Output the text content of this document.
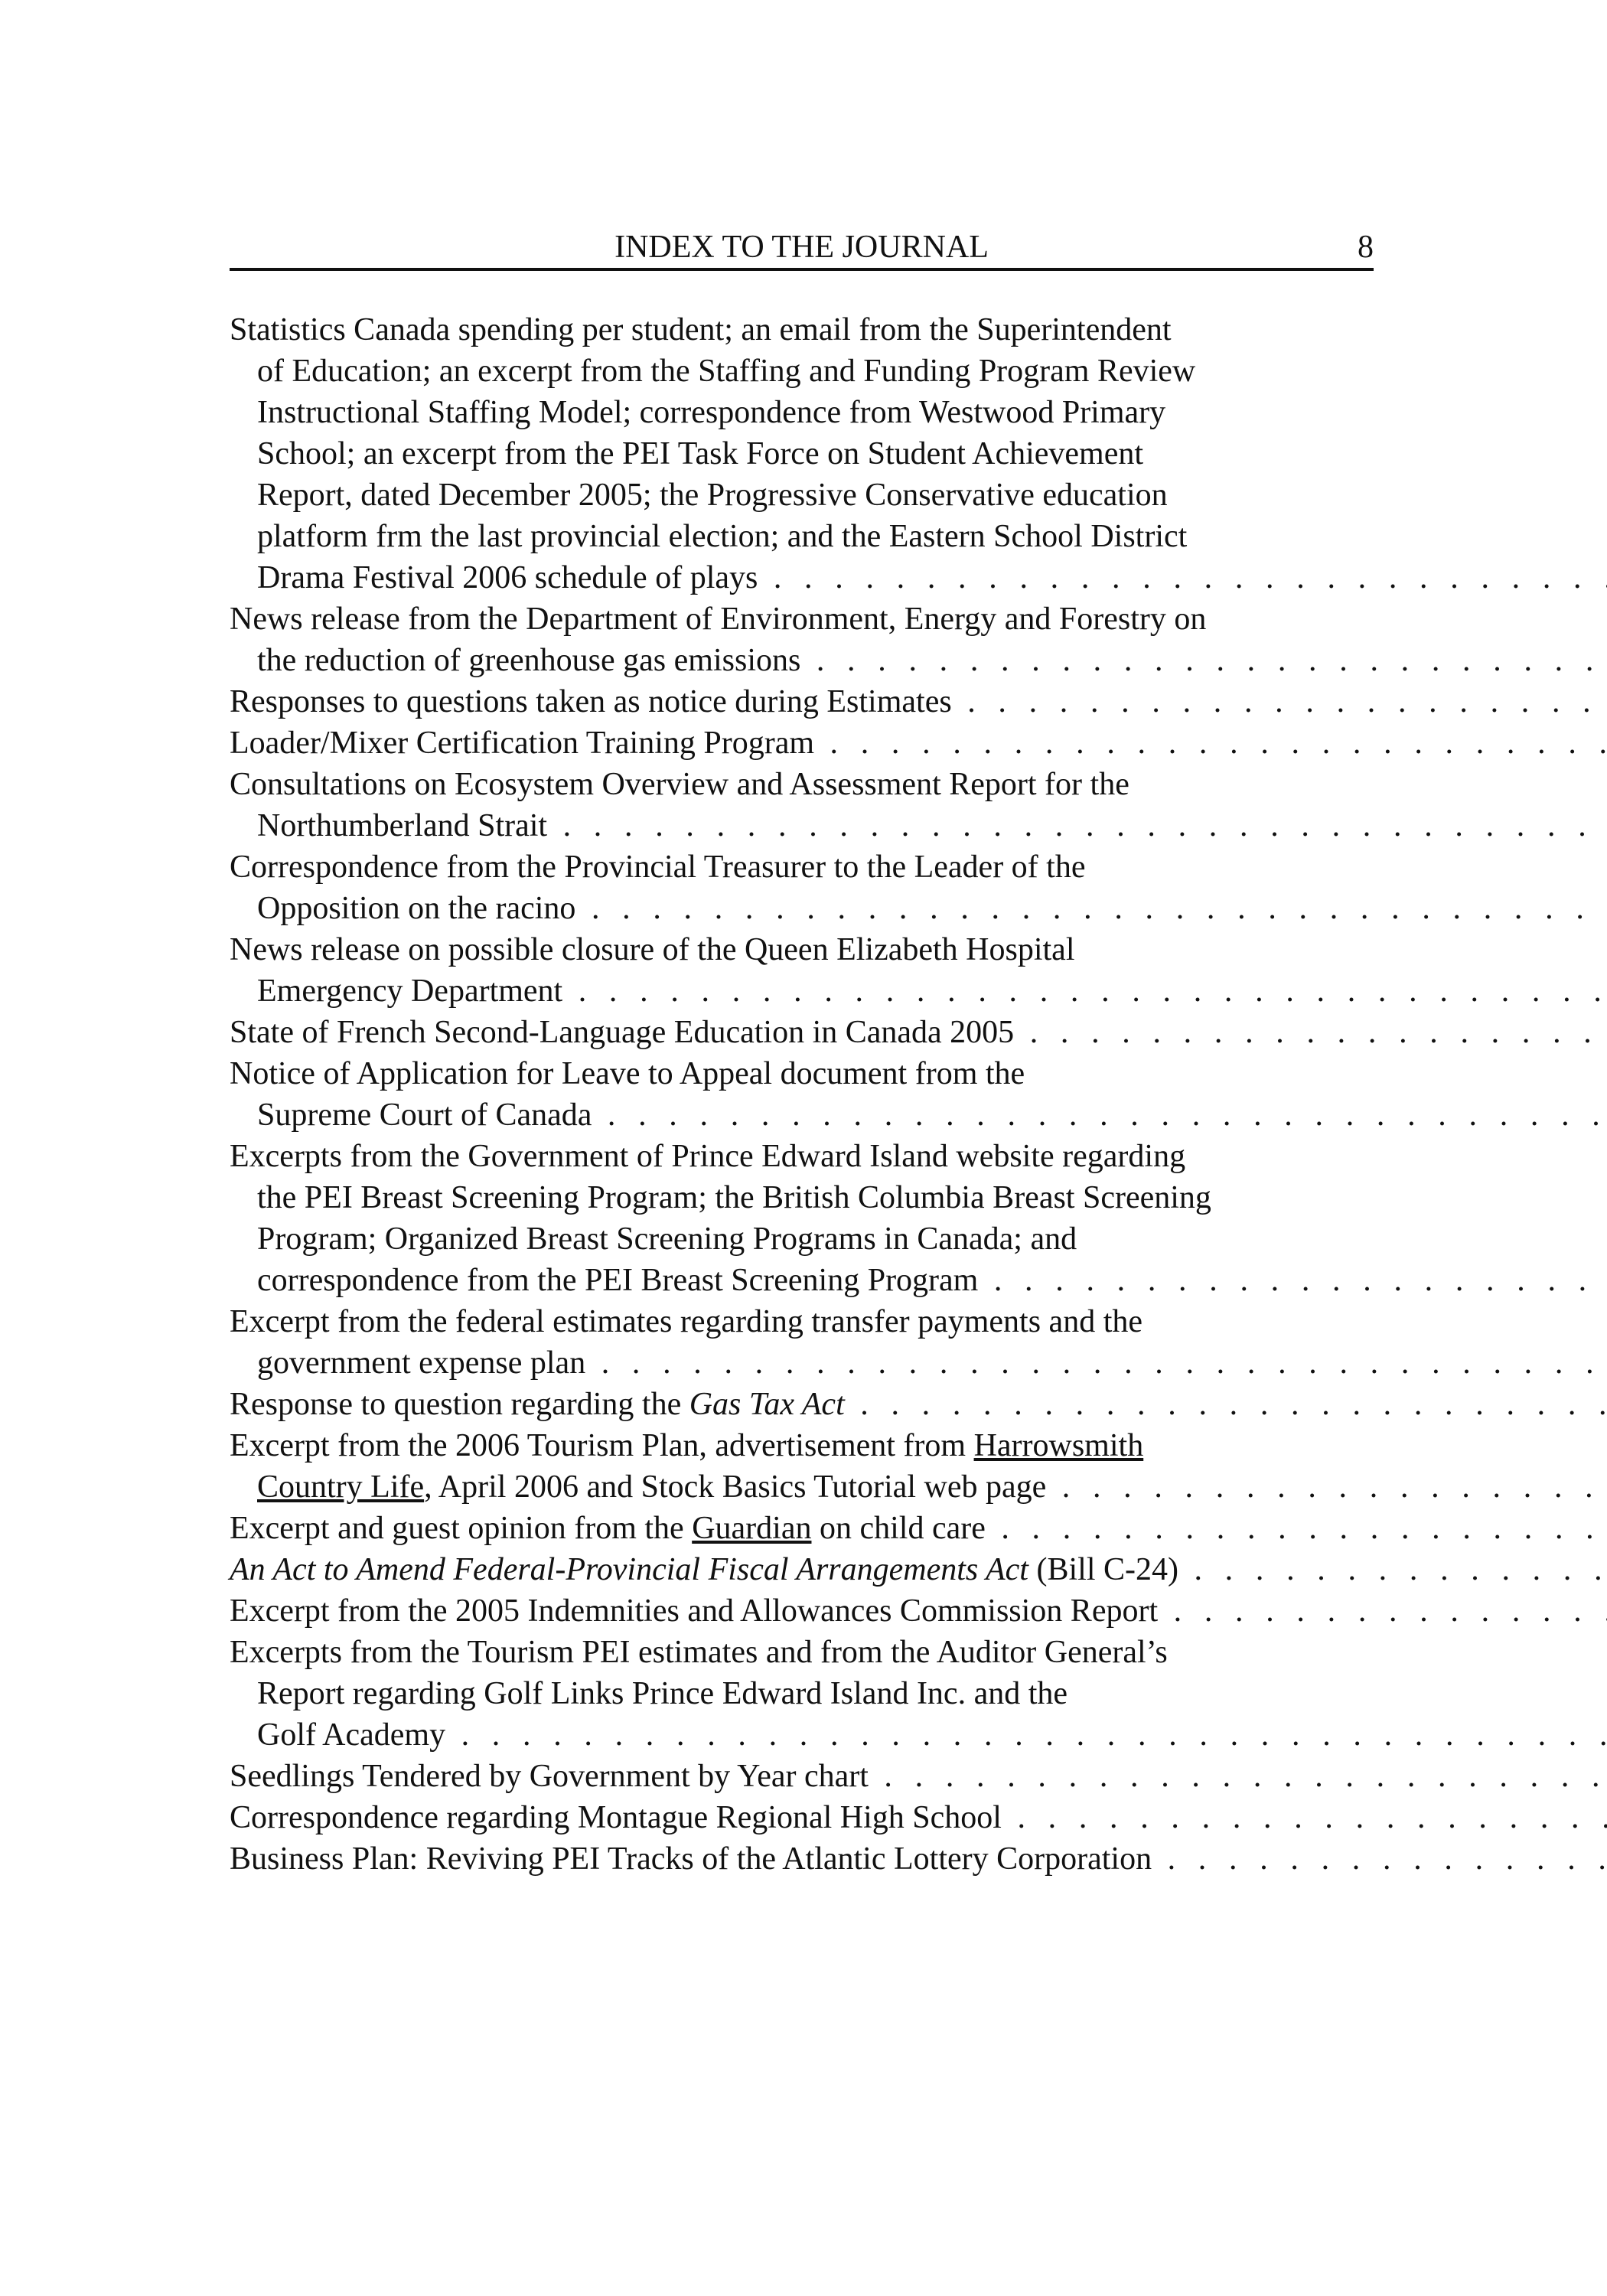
INDEX TO THE JOURNAL	8
Statistics Canada spending per student; an email from the Superintendent
of Education; an excerpt from the Staffing and Funding Program Review
Instructional Staffing Model; correspondence from Westwood Primary
School; an excerpt from the PEI Task Force on Student Achievement
Report, dated December 2005; the Progressive Conservative education
platform frm the last provincial election; and the Eastern School District
Drama Festival 2006 schedule of plays . . .
News release from the Department of Environment, Energy and Forestry on
the reduction of greenhouse gas emissions . . .
Responses to questions taken as notice during Estimates . . .
Loader/Mixer Certification Training Program . . .
Consultations on Ecosystem Overview and Assessment Report for the
Northumberland Strait . . .
Correspondence from the Provincial Treasurer to the Leader of the
Opposition on the racino . . .
News release on possible closure of the Queen Elizabeth Hospital
Emergency Department . . .
State of French Second-Language Education in Canada 2005 . . .
Notice of Application for Leave to Appeal document from the
Supreme Court of Canada . . .
Excerpts from the Government of Prince Edward Island website regarding
the PEI Breast Screening Program; the British Columbia Breast Screening
Program; Organized Breast Screening Programs in Canada; and
correspondence from the PEI Breast Screening Program . . .
Excerpt from the federal estimates regarding transfer payments and the
government expense plan . . .
Response to question regarding the Gas Tax Act . . .
Excerpt from the 2006 Tourism Plan, advertisement from Harrowsmith
Country Life, April 2006 and Stock Basics Tutorial web page . . .
Excerpt and guest opinion from the Guardian on child care . . .
An Act to Amend Federal-Provincial Fiscal Arrangements Act (Bill C-24) . . .
Excerpt from the 2005 Indemnities and Allowances Commission Report . . .
Excerpts from the Tourism PEI estimates and from the Auditor General’s
Report regarding Golf Links Prince Edward Island Inc. and the
Golf Academy . . .
Seedlings Tendered by Government by Year chart . . .
Correspondence regarding Montague Regional High School . . .
Business Plan: Reviving PEI Tracks of the Atlantic Lottery Corporation . . .
